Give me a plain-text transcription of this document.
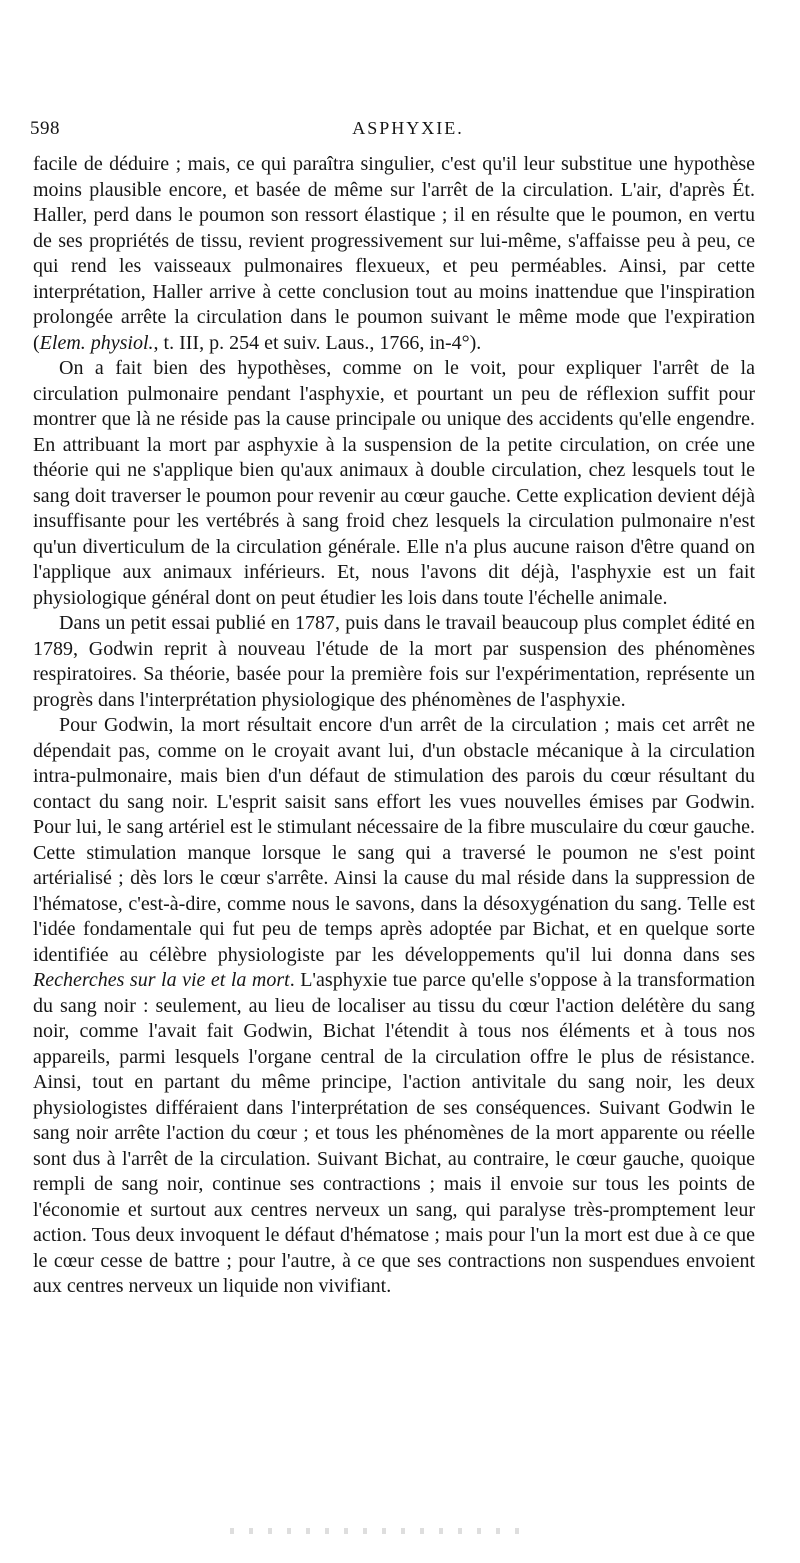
598	ASPHYXIE.

facile de déduire ; mais, ce qui paraîtra singulier, c'est qu'il leur substitue une hypothèse moins plausible encore, et basée de même sur l'arrêt de la circulation. L'air, d'après Ét. Haller, perd dans le poumon son ressort élastique ; il en résulte que le poumon, en vertu de ses propriétés de tissu, revient progressivement sur lui-même, s'affaisse peu à peu, ce qui rend les vaisseaux pulmonaires flexueux, et peu perméables. Ainsi, par cette interprétation, Haller arrive à cette conclusion tout au moins inattendue que l'inspiration prolongée arrête la circulation dans le poumon suivant le même mode que l'expiration (Elem. physiol., t. III, p. 254 et suiv. Laus., 1766, in-4°).

On a fait bien des hypothèses, comme on le voit, pour expliquer l'arrêt de la circulation pulmonaire pendant l'asphyxie, et pourtant un peu de réflexion suffit pour montrer que là ne réside pas la cause principale ou unique des accidents qu'elle engendre. En attribuant la mort par asphyxie à la suspension de la petite circulation, on crée une théorie qui ne s'applique bien qu'aux animaux à double circulation, chez lesquels tout le sang doit traverser le poumon pour revenir au cœur gauche. Cette explication devient déjà insuffisante pour les vertébrés à sang froid chez lesquels la circulation pulmonaire n'est qu'un diverticulum de la circulation générale. Elle n'a plus aucune raison d'être quand on l'applique aux animaux inférieurs. Et, nous l'avons dit déjà, l'asphyxie est un fait physiologique général dont on peut étudier les lois dans toute l'échelle animale.

Dans un petit essai publié en 1787, puis dans le travail beaucoup plus complet édité en 1789, Godwin reprit à nouveau l'étude de la mort par suspension des phénomènes respiratoires. Sa théorie, basée pour la première fois sur l'expérimentation, représente un progrès dans l'interprétation physiologique des phénomènes de l'asphyxie.

Pour Godwin, la mort résultait encore d'un arrêt de la circulation ; mais cet arrêt ne dépendait pas, comme on le croyait avant lui, d'un obstacle mécanique à la circulation intra-pulmonaire, mais bien d'un défaut de stimulation des parois du cœur résultant du contact du sang noir. L'esprit saisit sans effort les vues nouvelles émises par Godwin. Pour lui, le sang artériel est le stimulant nécessaire de la fibre musculaire du cœur gauche. Cette stimulation manque lorsque le sang qui a traversé le poumon ne s'est point artérialisé ; dès lors le cœur s'arrête. Ainsi la cause du mal réside dans la suppression de l'hématose, c'est-à-dire, comme nous le savons, dans la désoxygénation du sang. Telle est l'idée fondamentale qui fut peu de temps après adoptée par Bichat, et en quelque sorte identifiée au célèbre physiologiste par les développements qu'il lui donna dans ses Recherches sur la vie et la mort. L'asphyxie tue parce qu'elle s'oppose à la transformation du sang noir : seulement, au lieu de localiser au tissu du cœur l'action delétère du sang noir, comme l'avait fait Godwin, Bichat l'étendit à tous nos éléments et à tous nos appareils, parmi lesquels l'organe central de la circulation offre le plus de résistance. Ainsi, tout en partant du même principe, l'action antivitale du sang noir, les deux physiologistes différaient dans l'interprétation de ses conséquences. Suivant Godwin le sang noir arrête l'action du cœur ; et tous les phénomènes de la mort apparente ou réelle sont dus à l'arrêt de la circulation. Suivant Bichat, au contraire, le cœur gauche, quoique rempli de sang noir, continue ses contractions ; mais il envoie sur tous les points de l'économie et surtout aux centres nerveux un sang, qui paralyse très-promptement leur action. Tous deux invoquent le défaut d'hématose ; mais pour l'un la mort est due à ce que le cœur cesse de battre ; pour l'autre, à ce que ses contractions non suspendues envoient aux centres nerveux un liquide non vivifiant.
